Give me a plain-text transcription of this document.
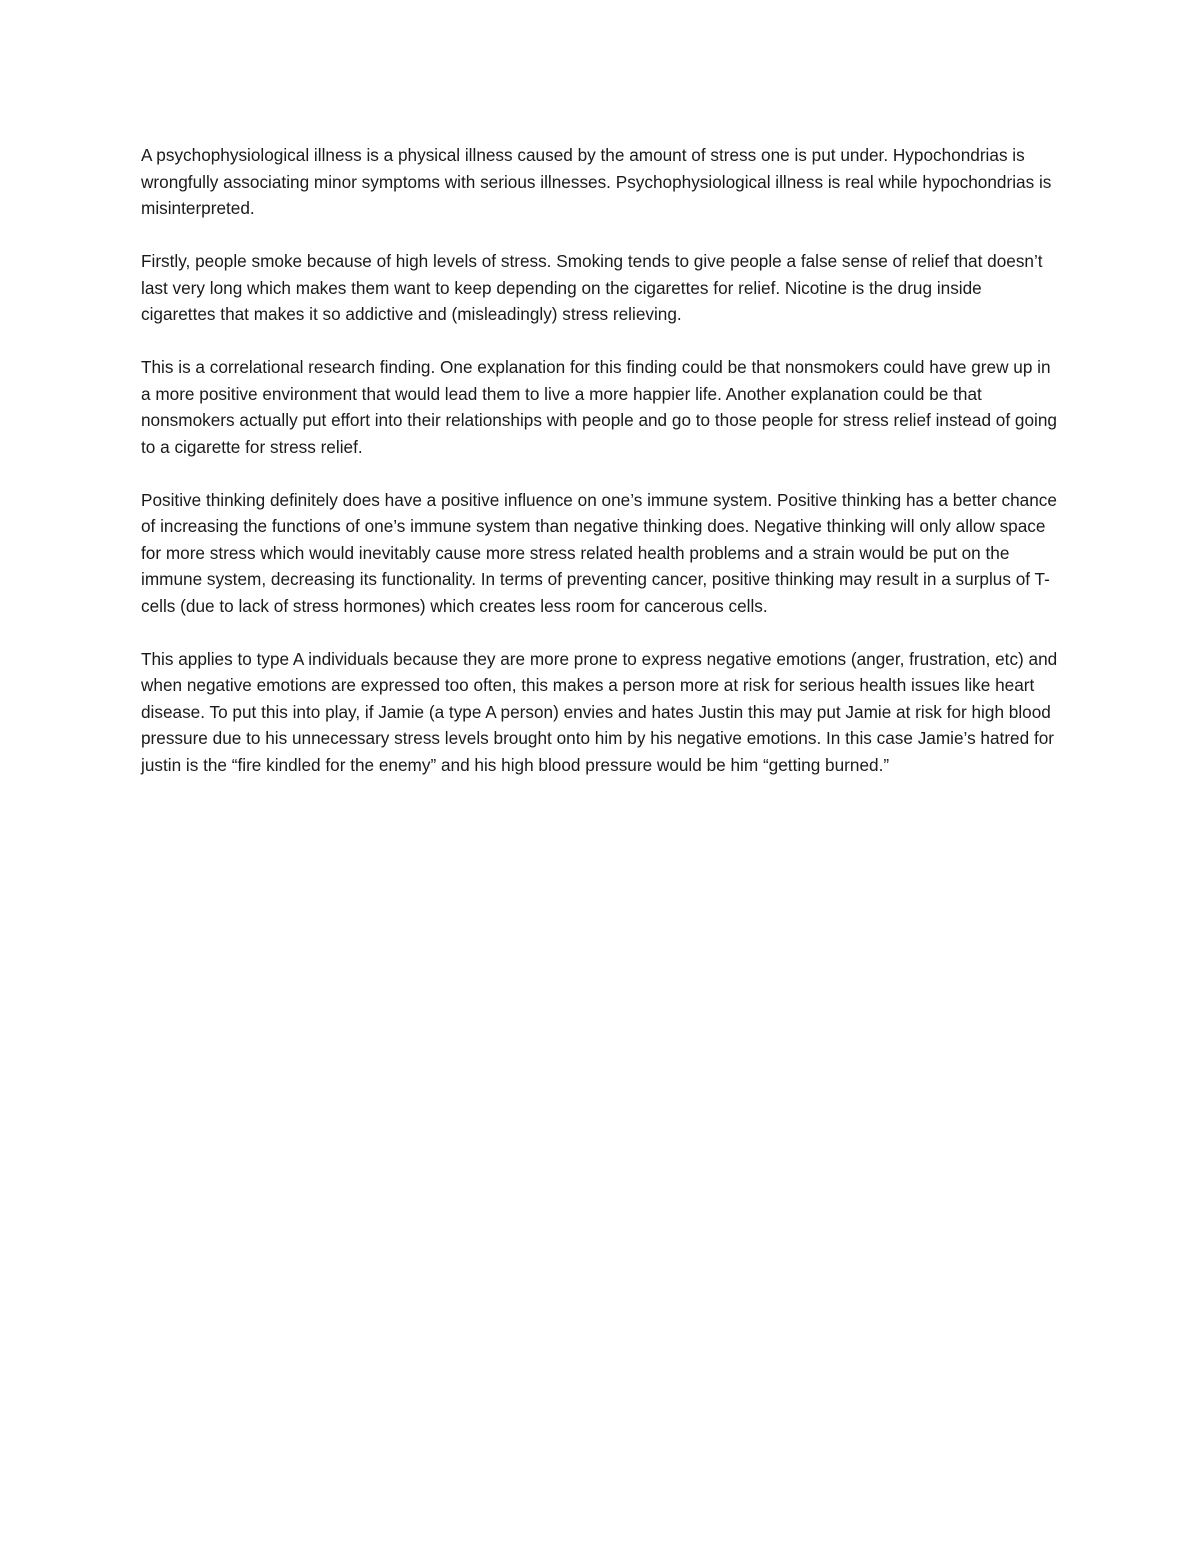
A psychophysiological illness is a physical illness caused by the amount of stress one is put under. Hypochondrias is wrongfully associating minor symptoms with serious illnesses. Psychophysiological illness is real while hypochondrias is misinterpreted.

Firstly, people smoke because of high levels of stress. Smoking tends to give people a false sense of relief that doesn’t last very long which makes them want to keep depending on the cigarettes for relief. Nicotine is the drug inside cigarettes that makes it so addictive and (misleadingly) stress relieving.

This is a correlational research finding. One explanation for this finding could be that nonsmokers could have grew up in a more positive environment that would lead them to live a more happier life. Another explanation could be that nonsmokers actually put effort into their relationships with people and go to those people for stress relief instead of going to a cigarette for stress relief.

Positive thinking definitely does have a positive influence on one’s immune system. Positive thinking has a better chance of increasing the functions of one’s immune system than negative thinking does. Negative thinking will only allow space for more stress which would inevitably cause more stress related health problems and a strain would be put on the immune system, decreasing its functionality. In terms of preventing cancer, positive thinking may result in a surplus of T-cells (due to lack of stress hormones) which creates less room for cancerous cells.

This applies to type A individuals because they are more prone to express negative emotions (anger, frustration, etc) and when negative emotions are expressed too often, this makes a person more at risk for serious health issues like heart disease. To put this into play, if Jamie (a type A person) envies and hates Justin this may put Jamie at risk for high blood pressure due to his unnecessary stress levels brought onto him by his negative emotions. In this case Jamie’s hatred for justin is the “fire kindled for the enemy” and his high blood pressure would be him “getting burned.”
